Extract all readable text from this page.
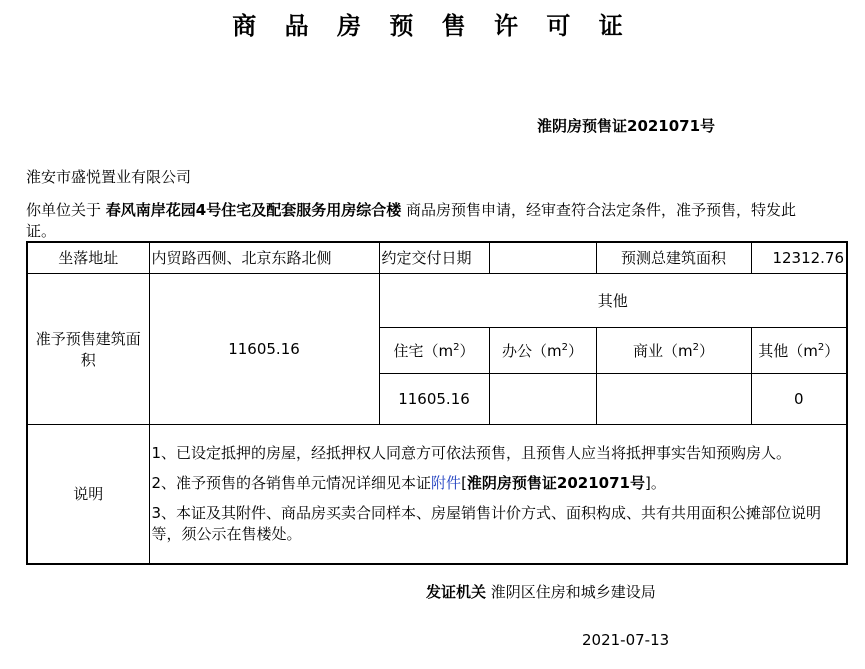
商 品 房 预 售 许 可 证
淮阴房预售证2021071号
淮安市盛悦置业有限公司
你单位关于 春风南岸花园4号住宅及配套服务用房综合楼 商品房预售申请，经审查符合法定条件，准予预售，特发此证。
坐落地址	内贸路西侧、北京东路北侧	约定交付日期		预测总建筑面积	12312.76
准予预售建筑面积	11605.16	其他			
		住宅$(m^2)$	办公$(m^2)$	商业$(m^2)$	其他$(m^2)$
		11605.16			0
说明	1、已设定抵押的房屋，经抵押权人同意方可依法预售，且预售人应当将抵押事实告知预购房人。

2、准予预售的各销售单元情况详细见本证附件[淮阴房预售证2021071号]。

3、本证及其附件、商品房买卖合同样本、房屋销售计价方式、面积构成、共有共用面积公摊部位说明等，须公示在售楼处。				

发证机关 淮阴区住房和城乡建设局
2021-07-13
